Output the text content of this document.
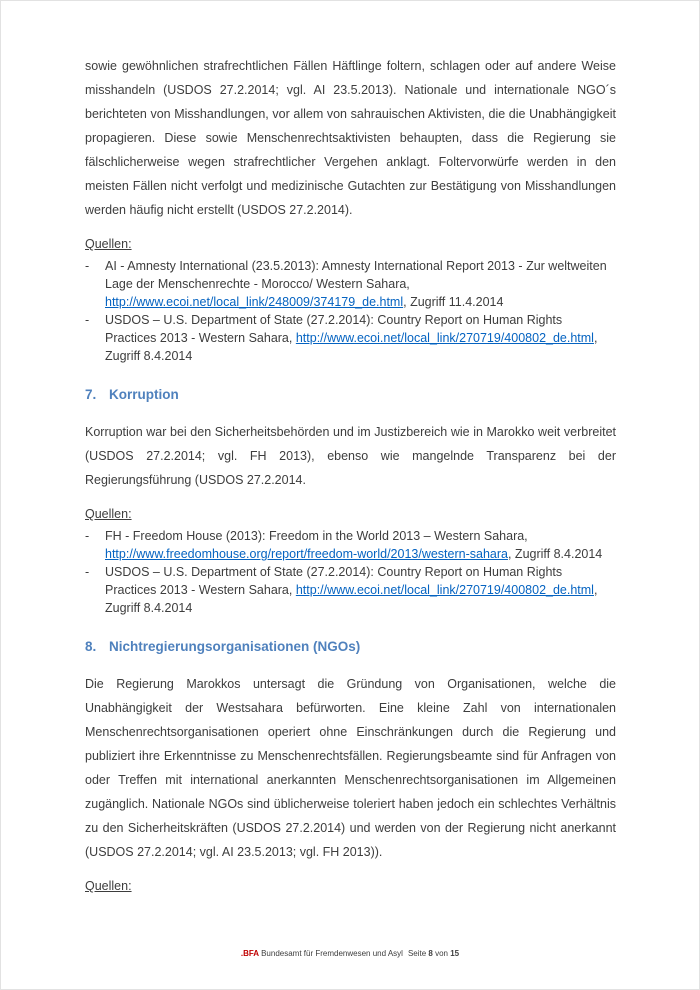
sowie gewöhnlichen strafrechtlichen Fällen Häftlinge foltern, schlagen oder auf andere Weise misshandeln (USDOS 27.2.2014; vgl. AI 23.5.2013). Nationale und internationale NGO´s berichteten von Misshandlungen, vor allem von sahrauischen Aktivisten, die die Unabhängigkeit propagieren. Diese sowie Menschenrechtsaktivisten behaupten, dass die Regierung sie fälschlicherweise wegen strafrechtlicher Vergehen anklagt. Foltervorwürfe werden in den meisten Fällen nicht verfolgt und medizinische Gutachten zur Bestätigung von Misshandlungen werden häufig nicht erstellt (USDOS 27.2.2014).

Quellen:

-	AI - Amnesty International (23.5.2013): Amnesty International Report 2013 - Zur weltweiten Lage der Menschenrechte - Morocco/ Western Sahara, http://www.ecoi.net/local_link/248009/374179_de.html, Zugriff 11.4.2014
-	USDOS – U.S. Department of State (27.2.2014): Country Report on Human Rights Practices 2013 - Western Sahara, http://www.ecoi.net/local_link/270719/400802_de.html, Zugriff 8.4.2014
7. Korruption

Korruption war bei den Sicherheitsbehörden und im Justizbereich wie in Marokko weit verbreitet (USDOS 27.2.2014; vgl. FH 2013), ebenso wie mangelnde Transparenz bei der Regierungsführung (USDOS 27.2.2014.

Quellen:

-	FH - Freedom House (2013): Freedom in the World 2013 – Western Sahara, http://www.freedomhouse.org/report/freedom-world/2013/western-sahara, Zugriff 8.4.2014
-	USDOS – U.S. Department of State (27.2.2014): Country Report on Human Rights Practices 2013 - Western Sahara, http://www.ecoi.net/local_link/270719/400802_de.html, Zugriff 8.4.2014
8. Nichtregierungsorganisationen (NGOs)

Die Regierung Marokkos untersagt die Gründung von Organisationen, welche die Unabhängigkeit der Westsahara befürworten. Eine kleine Zahl von internationalen Menschenrechtsorganisationen operiert ohne Einschränkungen durch die Regierung und publiziert ihre Erkenntnisse zu Menschenrechtsfällen. Regierungsbeamte sind für Anfragen von oder Treffen mit international anerkannten Menschenrechtsorganisationen im Allgemeinen zugänglich. Nationale NGOs sind üblicherweise toleriert haben jedoch ein schlechtes Verhältnis zu den Sicherheitskräften (USDOS 27.2.2014) und werden von der Regierung nicht anerkannt (USDOS 27.2.2014; vgl. AI 23.5.2013; vgl. FH 2013)).

Quellen:

.BFA Bundesamt für Fremdenwesen und Asyl Seite 8 von 15
